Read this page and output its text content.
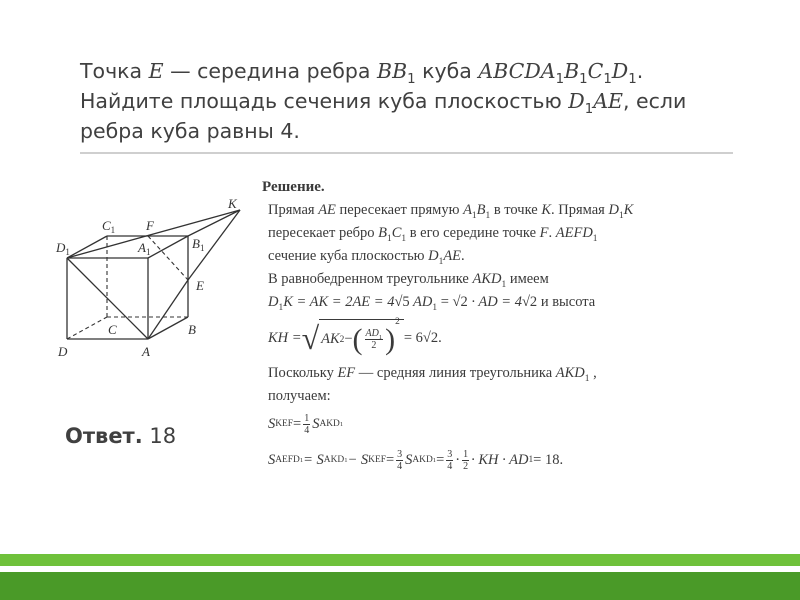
Точка E — середина ребра $BB_1$ куба $ABCDA_1B_1C_1D_1$.
Найдите площадь сечения куба плоскостью $D_1AE$, если
ребра куба равны 4.
$C_1$ F
K
$D_1$	$A_1$
$B_1$
E
C	B
D	A
Ответ. 18
Решение.
Прямая AE пересекает прямую $A_1B_1$ в точке K. Прямая $D_1K$
пересекает ребро $B_1C_1$ в его середине точке F. $AEFD_1$
сечение куба плоскостью $D_1AE$.
В равнобедренном треугольнике $AKD_1$ имеем
$D_1K$ = AK = 2AE = 4√5 $AD_1 = √2$ · AD = 4√2 и высота
KH = √ AK 2 − ( $\frac{AD_1}{2}$ )
2
= 6 √2 .
Поскольку EF — средняя линия треугольника $AKD_1$ ,
получаем:
S KEF = $\frac{1}{4}$ S AKD1
S AEFD1 = S AKD1 − S KEF = $\frac{3}{4}$ S $AKD1 = \frac{3}{4} \cdot \frac{1}{2}$ · KH · AD 1 = 18.
